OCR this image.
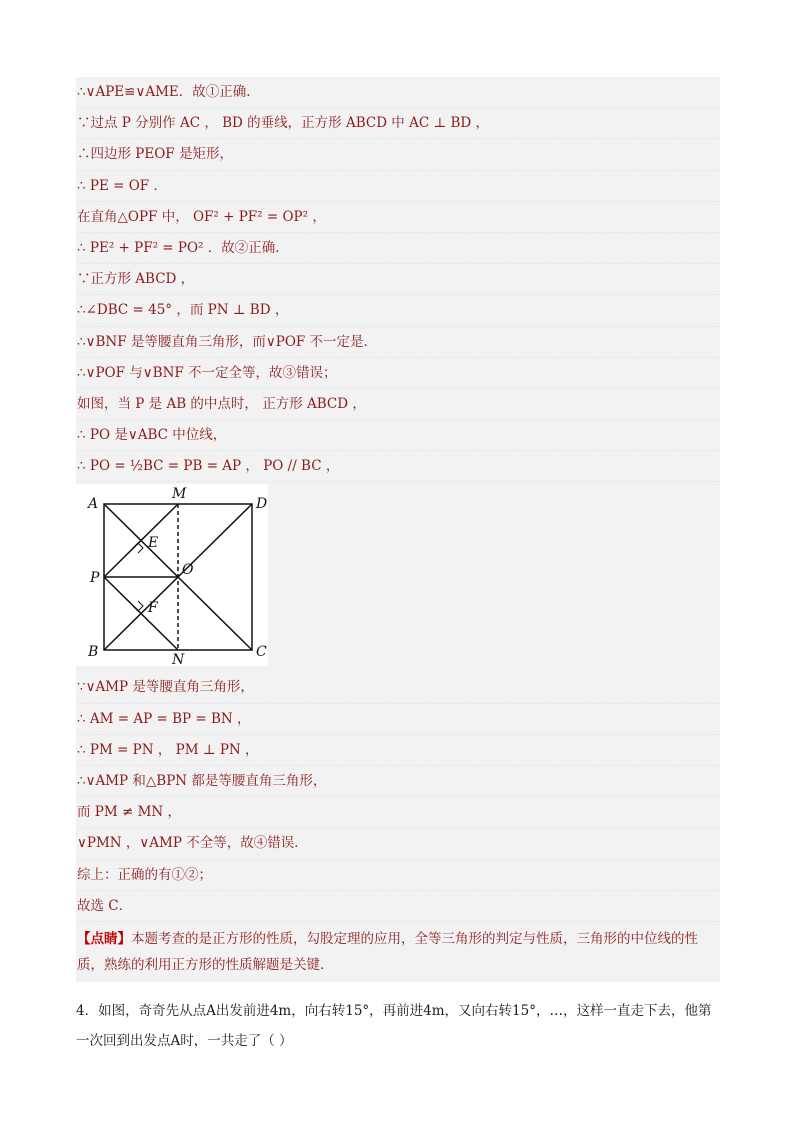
∴∨APE≌∨AME．故①正确．
∵过点 P 分别作 AC ， BD 的垂线，正方形 ABCD 中 AC ⊥ BD ，
∴四边形 PEOF 是矩形，
∴ PE = OF ．
在直角△OPF 中， OF² + PF² = OP² ，
∴ PE² + PF² = PO² ．故②正确．
∵正方形 ABCD ，
∴∠DBC = 45° ，而 PN ⊥ BD ，
∴∨BNF 是等腰直角三角形，而∨POF 不一定是．
∴∨POF 与∨BNF 不一定全等，故③错误；
如图，当 P 是 AB 的中点时， 正方形 ABCD ，
∴ PO 是∨ABC 中位线，
∴ PO = ½BC = PB = AP ， PO // BC ，
A
M
D
E
P	O
F
B	N	C
∵∨AMP 是等腰直角三角形，
∴ AM = AP = BP = BN ，
∴ PM = PN ， PM ⊥ PN ，
∴∨AMP 和△BPN 都是等腰直角三角形，
而 PM ≠ MN ，
∨PMN ，∨AMP 不全等，故④错误．
综上：正确的有①②；
故选 C．
【点睛】本题考查的是正方形的性质，勾股定理的应用，全等三角形的判定与性质，三角形的中位线的性质，熟练的利用正方形的性质解题是关键．
4．如图，奇奇先从点A出发前进4m，向右转15°，再前进4m，又向右转15°，…，这样一直走下去，他第一次回到出发点A时，一共走了（ ）
